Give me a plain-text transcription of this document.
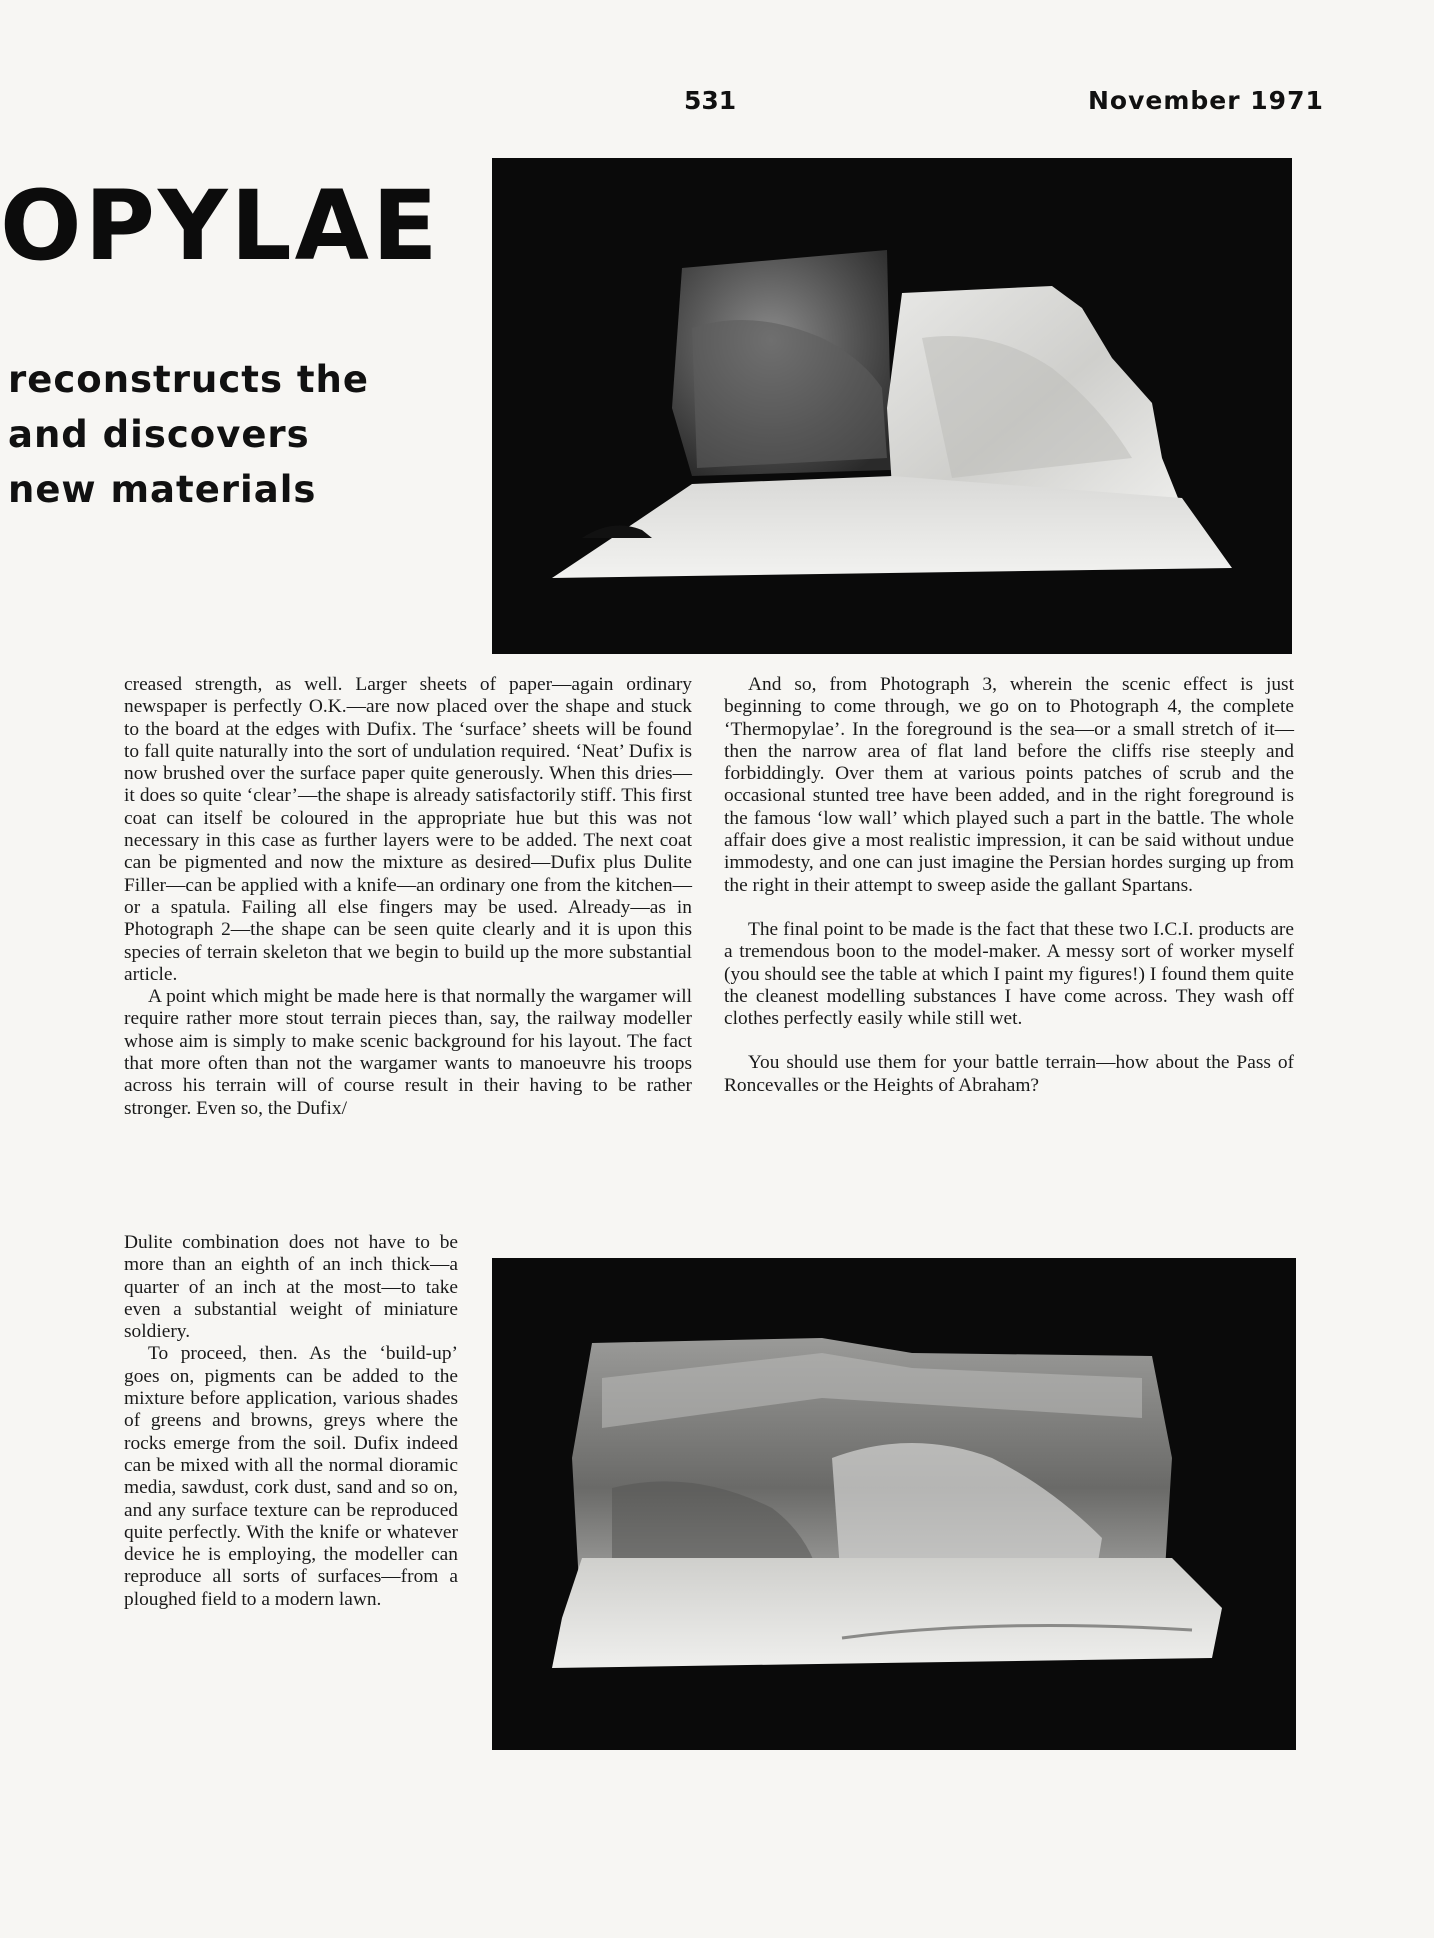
531	November 1971
OPYLAE
reconstructs the
and discovers
new materials

creased strength, as well. Larger sheets of paper—again ordinary newspaper is perfectly O.K.—are now placed over the shape and stuck to the board at the edges with Dufix. The ‘surface’ sheets will be found to fall quite naturally into the sort of undulation required. ‘Neat’ Dufix is now brushed over the surface paper quite generously. When this dries—it does so quite ‘clear’—the shape is already satisfactorily stiff. This first coat can itself be coloured in the appropriate hue but this was not necessary in this case as further layers were to be added. The next coat can be pigmented and now the mixture as desired—Dufix plus Dulite Filler—can be applied with a knife—an ordinary one from the kitchen—or a spatula. Failing all else fingers may be used. Already—as in Photograph 2—the shape can be seen quite clearly and it is upon this species of terrain skeleton that we begin to build up the more substantial article.

A point which might be made here is that normally the wargamer will require rather more stout terrain pieces than, say, the railway modeller whose aim is simply to make scenic background for his layout. The fact that more often than not the wargamer wants to manoeuvre his troops across his terrain will of course result in their having to be rather stronger. Even so, the Dufix/

Dulite combination does not have to be more than an eighth of an inch thick—a quarter of an inch at the most—to take even a substantial weight of miniature soldiery.

To proceed, then. As the ‘build-up’ goes on, pigments can be added to the mixture before application, various shades of greens and browns, greys where the rocks emerge from the soil. Dufix indeed can be mixed with all the normal dioramic media, sawdust, cork dust, sand and so on, and any surface texture can be reproduced quite perfectly. With the knife or whatever device he is employing, the modeller can reproduce all sorts of surfaces—from a ploughed field to a modern lawn.

And so, from Photograph 3, wherein the scenic effect is just beginning to come through, we go on to Photograph 4, the complete ‘Thermopylae’. In the foreground is the sea—or a small stretch of it—then the narrow area of flat land before the cliffs rise steeply and forbiddingly. Over them at various points patches of scrub and the occasional stunted tree have been added, and in the right foreground is the famous ‘low wall’ which played such a part in the battle. The whole affair does give a most realistic impression, it can be said without undue immodesty, and one can just imagine the Persian hordes surging up from the right in their attempt to sweep aside the gallant Spartans.

The final point to be made is the fact that these two I.C.I. products are a tremendous boon to the model-maker. A messy sort of worker myself (you should see the table at which I paint my figures!) I found them quite the cleanest modelling substances I have come across. They wash off clothes perfectly easily while still wet.

You should use them for your battle terrain—how about the Pass of Roncevalles or the Heights of Abraham?
